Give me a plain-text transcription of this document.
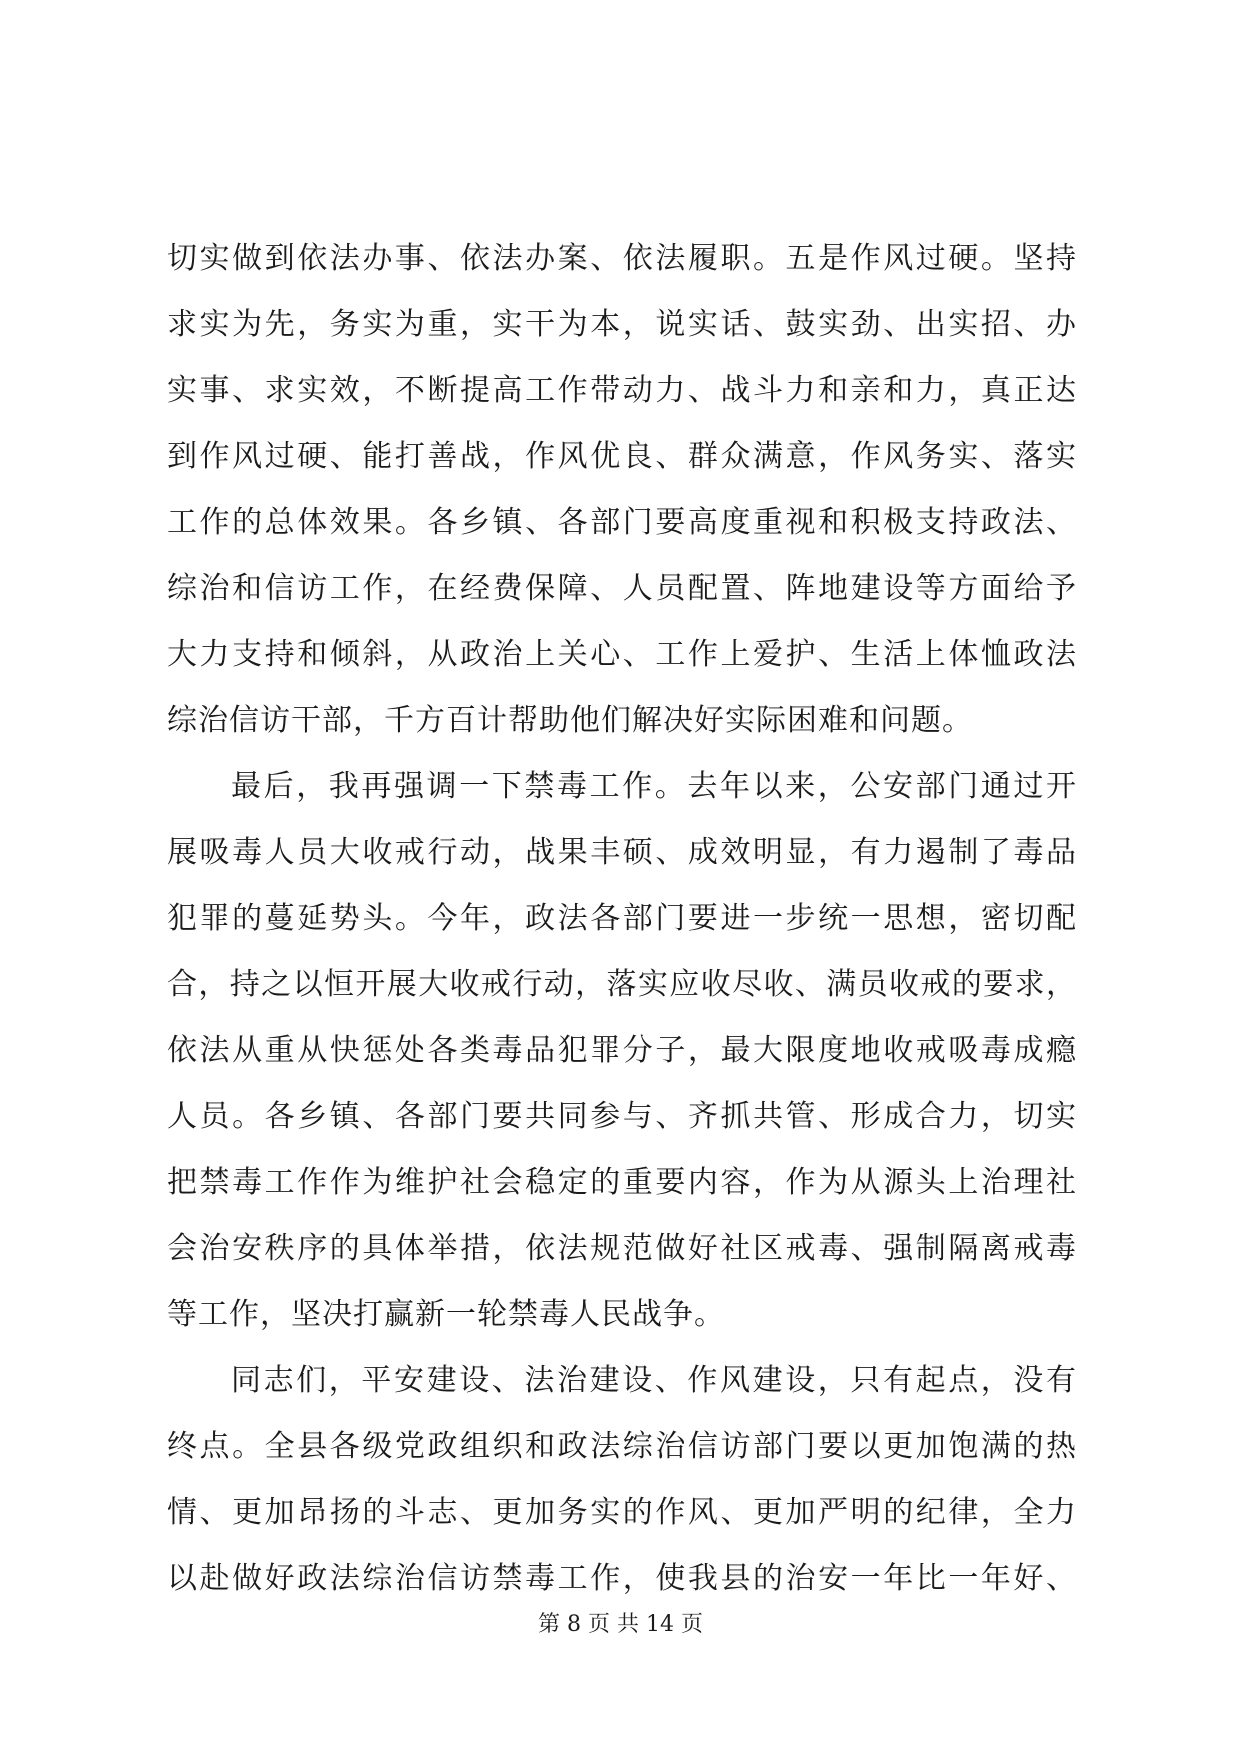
切实做到依法办事、依法办案、依法履职。五是作风过硬。坚持
求实为先，务实为重，实干为本，说实话、鼓实劲、出实招、办
实事、求实效，不断提高工作带动力、战斗力和亲和力，真正达
到作风过硬、能打善战，作风优良、群众满意，作风务实、落实
工作的总体效果。各乡镇、各部门要高度重视和积极支持政法、
综治和信访工作，在经费保障、人员配置、阵地建设等方面给予
大力支持和倾斜，从政治上关心、工作上爱护、生活上体恤政法
综治信访干部，千方百计帮助他们解决好实际困难和问题。
最后，我再强调一下禁毒工作。去年以来，公安部门通过开
展吸毒人员大收戒行动，战果丰硕、成效明显，有力遏制了毒品
犯罪的蔓延势头。今年，政法各部门要进一步统一思想，密切配
合，持之以恒开展大收戒行动，落实应收尽收、满员收戒的要求，
依法从重从快惩处各类毒品犯罪分子，最大限度地收戒吸毒成瘾
人员。各乡镇、各部门要共同参与、齐抓共管、形成合力，切实
把禁毒工作作为维护社会稳定的重要内容，作为从源头上治理社
会治安秩序的具体举措，依法规范做好社区戒毒、强制隔离戒毒
等工作，坚决打赢新一轮禁毒人民战争。
同志们，平安建设、法治建设、作风建设，只有起点，没有
终点。全县各级党政组织和政法综治信访部门要以更加饱满的热
情、更加昂扬的斗志、更加务实的作风、更加严明的纪律，全力
以赴做好政法综治信访禁毒工作，使我县的治安一年比一年好、
第 8 页 共 14 页
